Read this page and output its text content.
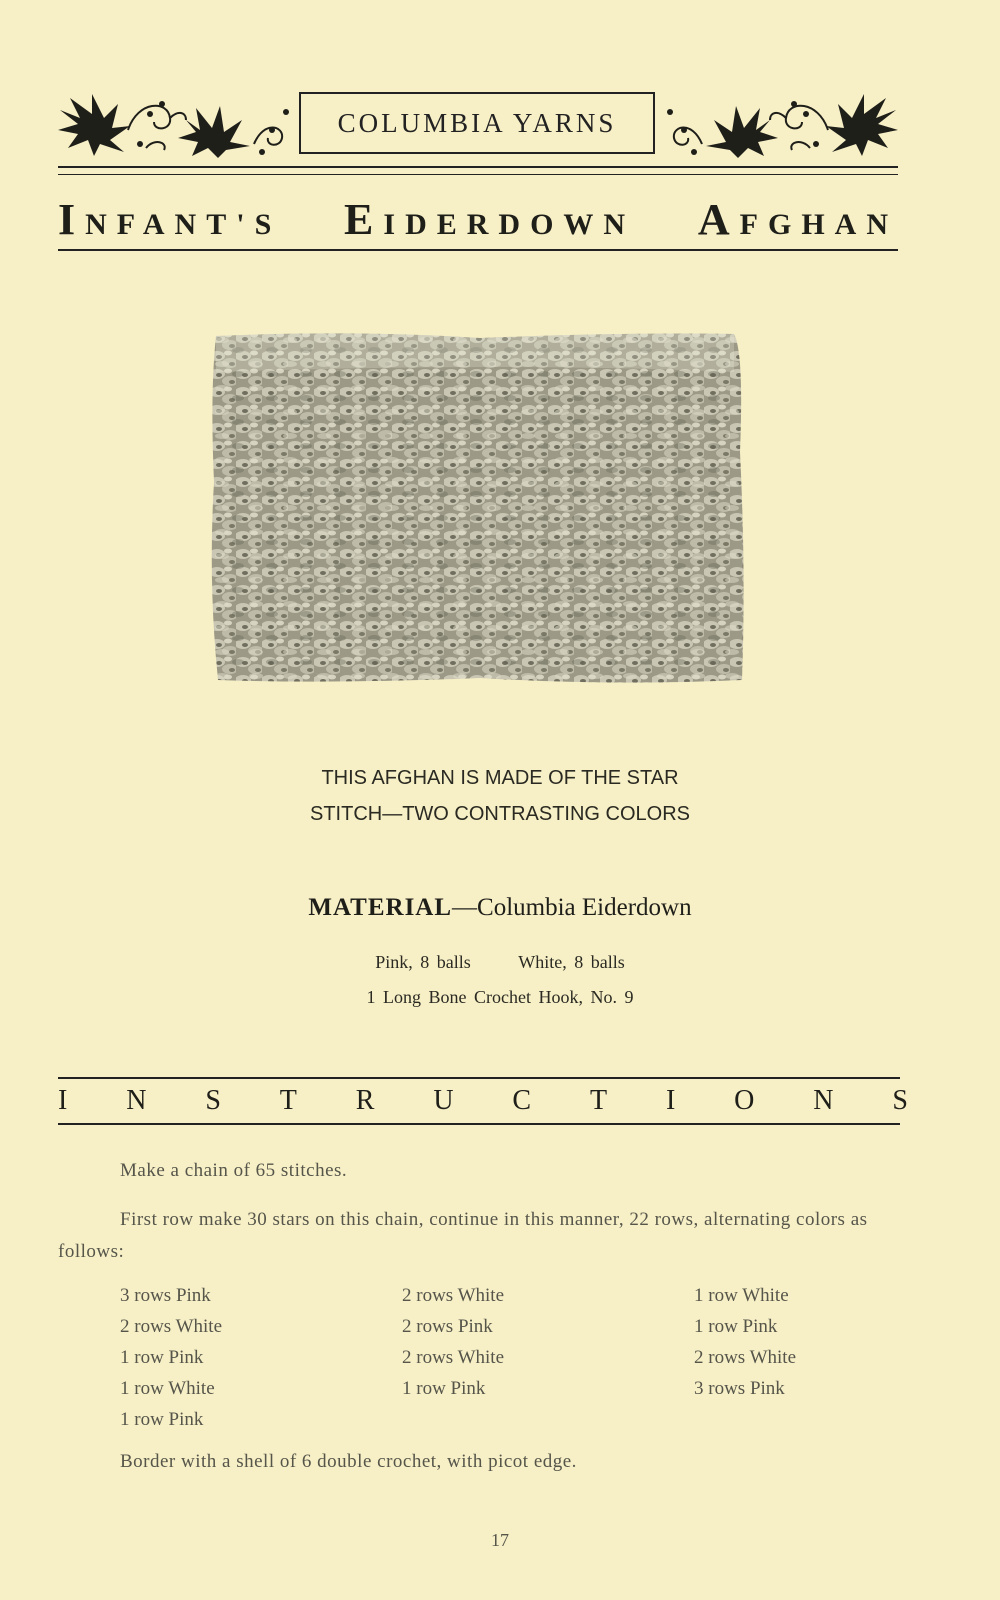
COLUMBIA YARNS
INFANT'S EIDERDOWN AFGHAN
THIS AFGHAN IS MADE OF THE STAR
STITCH—TWO CONTRASTING COLORS
MATERIAL—Columbia Eiderdown
Pink, 8 balls	White, 8 balls
1 Long Bone Crochet Hook, No. 9
I N S T R U C T I O N S
Make a chain of 65 stitches.
First row make 30 stars on this chain, continue in this manner, 22 rows, alternating colors as follows:
3 rows Pink
2 rows White
1 row Pink
1 row White
1 row Pink
2 rows White
2 rows Pink
2 rows White
1 row Pink
1 row White
1 row Pink
2 rows White
3 rows Pink
Border with a shell of 6 double crochet, with picot edge.
17
